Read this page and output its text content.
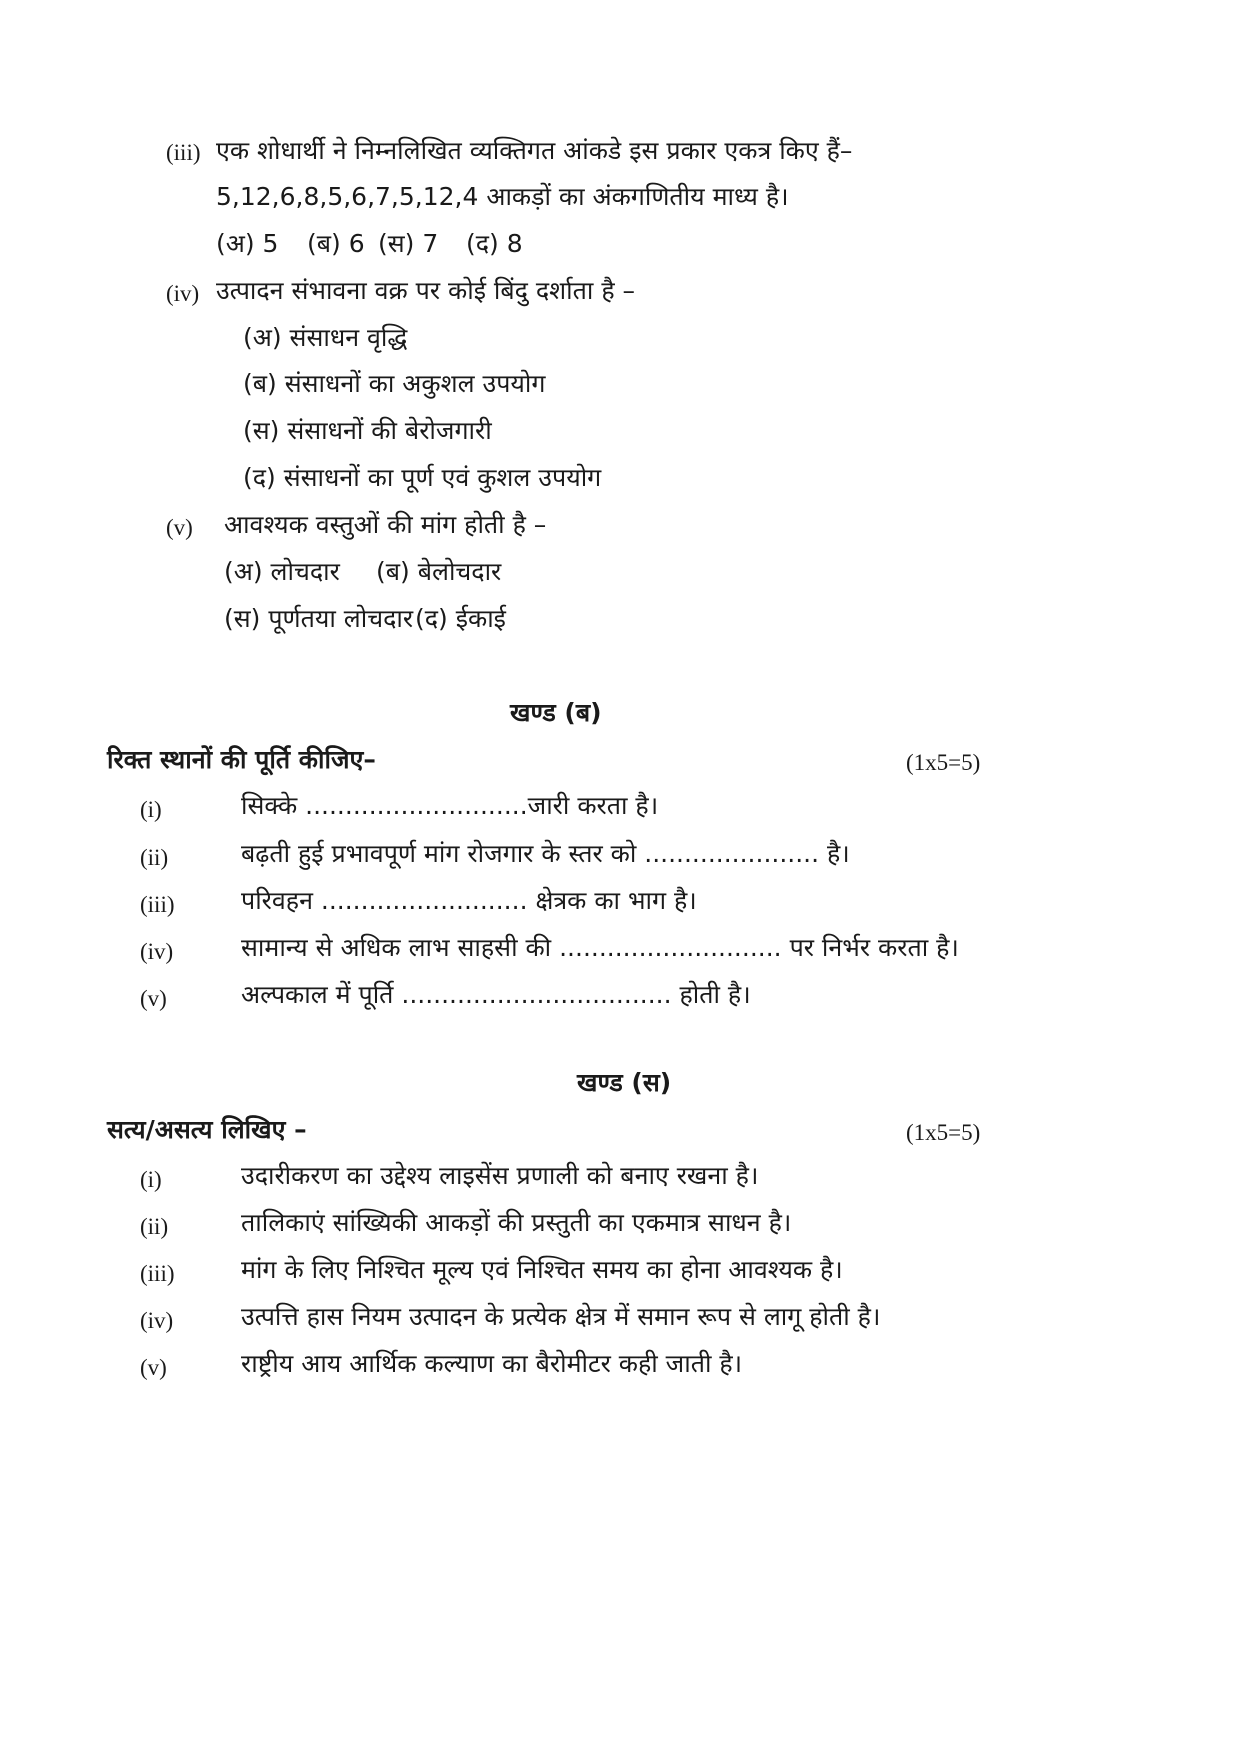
(iii) एक शोधार्थी ने निम्नलिखित व्यक्तिगत आंकडे इस प्रकार एकत्र किए हैं–
5,12,6,8,5,6,7,5,12,4 आकड़ों का अंकगणितीय माध्य है।
(अ) 5 (ब) 6 (स) 7 (द) 8
(iv) उत्पादन संभावना वक्र पर कोई बिंदु दर्शाता है –
(अ) संसाधन वृद्धि
(ब) संसाधनों का अकुशल उपयोग
(स) संसाधनों की बेरोजगारी
(द) संसाधनों का पूर्ण एवं कुशल उपयोग
(v) आवश्यक वस्तुओं की मांग होती है –
(अ) लोचदार (ब) बेलोचदार
(स) पूर्णतया लोचदार (द) ईकाई
खण्ड (ब)
रिक्त स्थानों की पूर्ति कीजिए–	(1x5=5)
(i)	सिक्के ............................जारी करता है।
(ii)	बढ़ती हुई प्रभावपूर्ण मांग रोजगार के स्तर को ...................... है।
(iii)	परिवहन .......................... क्षेत्रक का भाग है।
(iv)	सामान्य से अधिक लाभ साहसी की ............................ पर निर्भर करता है।
(v)	अल्पकाल में पूर्ति .................................. होती है।
खण्ड (स)
सत्य/असत्य लिखिए –	(1x5=5)
(i)	उदारीकरण का उद्देश्य लाइसेंस प्रणाली को बनाए रखना है।
(ii)	तालिकाएं सांख्यिकी आकड़ों की प्रस्तुती का एकमात्र साधन है।
(iii)	मांग के लिए निश्चित मूल्य एवं निश्चित समय का होना आवश्यक है।
(iv)	उत्पत्ति हास नियम उत्पादन के प्रत्येक क्षेत्र में समान रूप से लागू होती है।
(v)	राष्ट्रीय आय आर्थिक कल्याण का बैरोमीटर कही जाती है।
